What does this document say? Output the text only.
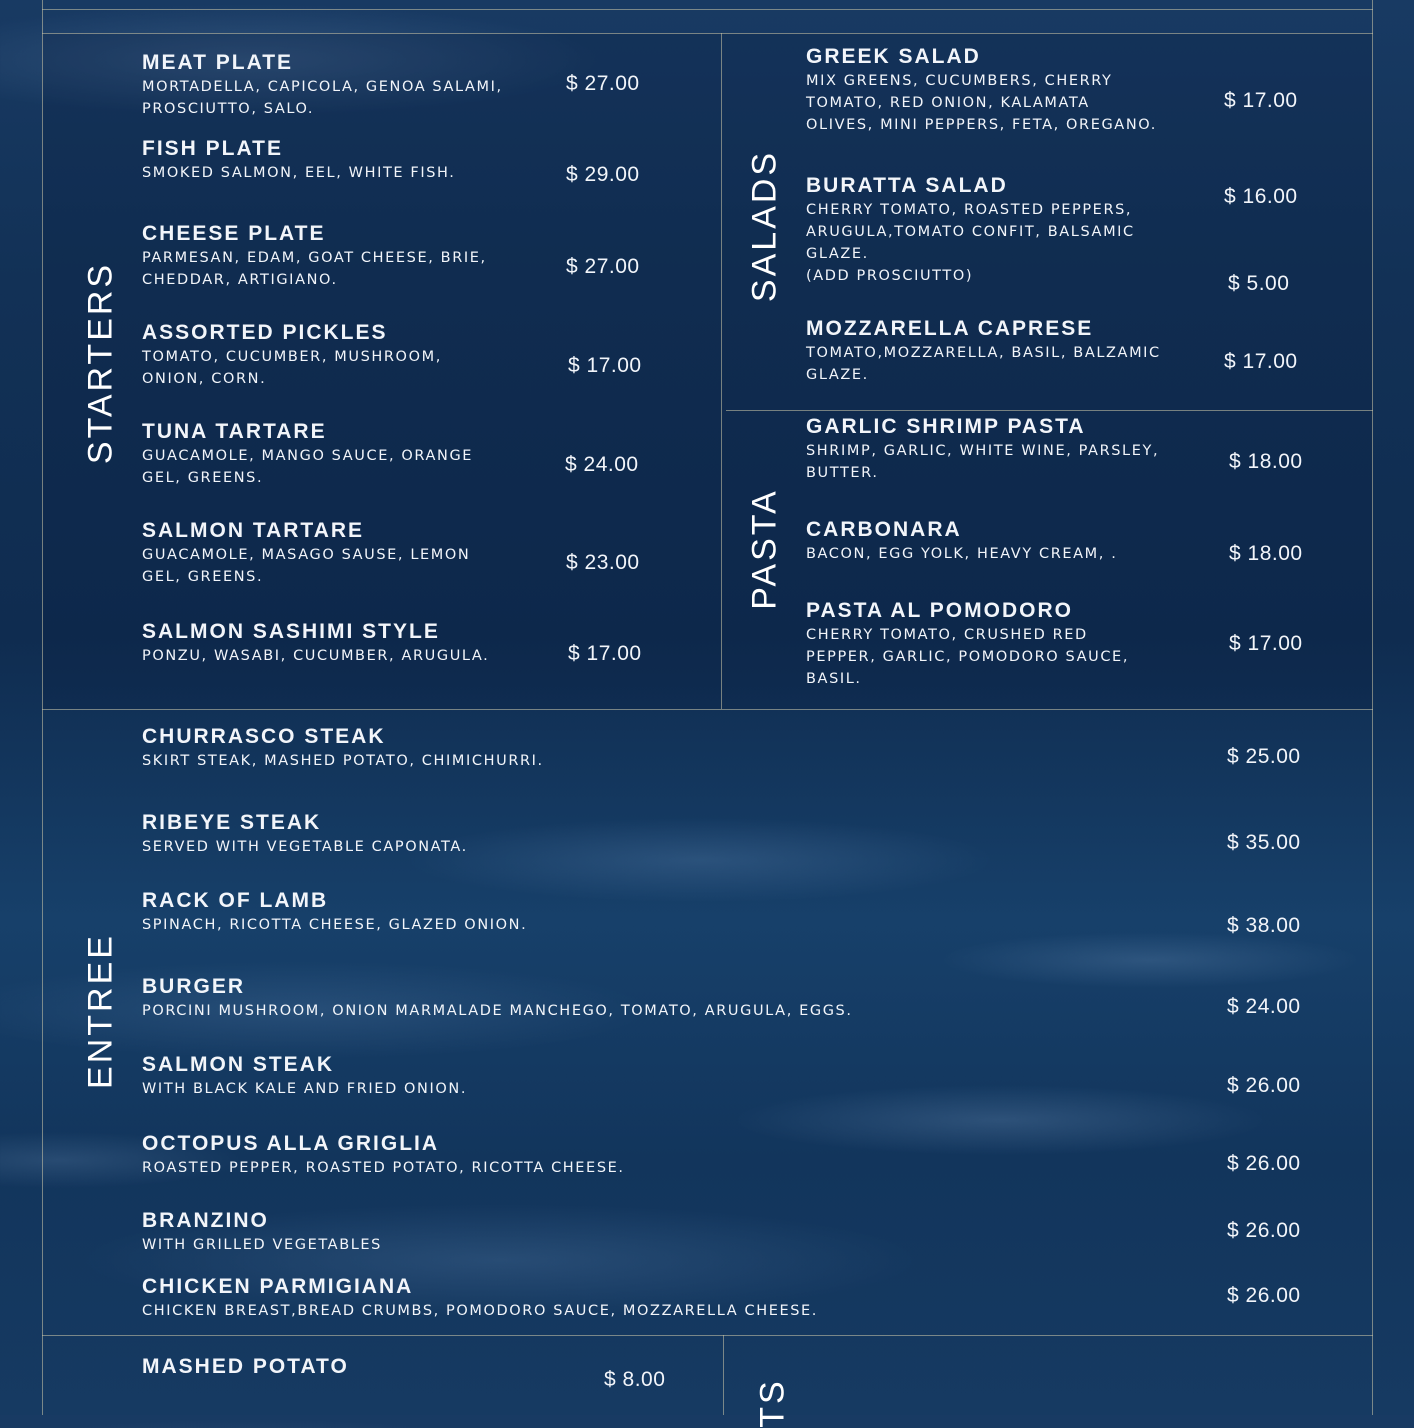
STARTERS
SALADS
PASTA
ENTREE
TS
MEAT PLATE
MORTADELLA, CAPICOLA, GENOA SALAMI,
PROSCIUTTO, SALO.
$ 27.00
FISH PLATE
SMOKED SALMON, EEL, WHITE FISH.	$ 29.00
CHEESE PLATE
PARMESAN, EDAM, GOAT CHEESE, BRIE,
CHEDDAR, ARTIGIANO.
$ 27.00
ASSORTED PICKLES
TOMATO, CUCUMBER, MUSHROOM,
ONION, CORN.
$ 17.00
TUNA TARTARE
GUACAMOLE, MANGO SAUCE, ORANGE
GEL, GREENS.
$ 24.00
SALMON TARTARE
GUACAMOLE, MASAGO SAUSE, LEMON
GEL, GREENS.
$ 23.00
SALMON SASHIMI STYLE
PONZU, WASABI, CUCUMBER, ARUGULA.	$ 17.00
GREEK SALAD
MIX GREENS, CUCUMBERS, CHERRY
TOMATO, RED ONION, KALAMATA
OLIVES, MINI PEPPERS, FETA, OREGANO.
$ 17.00
BURATTA SALAD
CHERRY TOMATO, ROASTED PEPPERS,
ARUGULA,TOMATO CONFIT, BALSAMIC
GLAZE.
(ADD PROSCIUTTO)
$ 16.00
$ 5.00
MOZZARELLA CAPRESE
TOMATO,MOZZARELLA, BASIL, BALZAMIC
GLAZE.
$ 17.00
GARLIC SHRIMP PASTA
SHRIMP, GARLIC, WHITE WINE, PARSLEY,
BUTTER.	$ 18.00
CARBONARA
BACON, EGG YOLK, HEAVY CREAM, .	$ 18.00
PASTA AL POMODORO
CHERRY TOMATO, CRUSHED RED
PEPPER, GARLIC, POMODORO SAUCE,
BASIL.
$ 17.00
CHURRASCO STEAK
SKIRT STEAK, MASHED POTATO, CHIMICHURRI.	$ 25.00
RIBEYE STEAK
SERVED WITH VEGETABLE CAPONATA.	$ 35.00
RACK OF LAMB
SPINACH, RICOTTA CHEESE, GLAZED ONION.	$ 38.00
BURGER
PORCINI MUSHROOM, ONION MARMALADE MANCHEGO, TOMATO, ARUGULA, EGGS.	$ 24.00
SALMON STEAK
WITH BLACK KALE AND FRIED ONION.	$ 26.00
OCTOPUS ALLA GRIGLIA
ROASTED PEPPER, ROASTED POTATO, RICOTTA CHEESE.	$ 26.00
BRANZINO
WITH GRILLED VEGETABLES
$ 26.00
CHICKEN PARMIGIANA
CHICKEN BREAST,BREAD CRUMBS, POMODORO SAUCE, MOZZARELLA CHEESE.
$ 26.00
MASHED POTATO
$ 8.00
